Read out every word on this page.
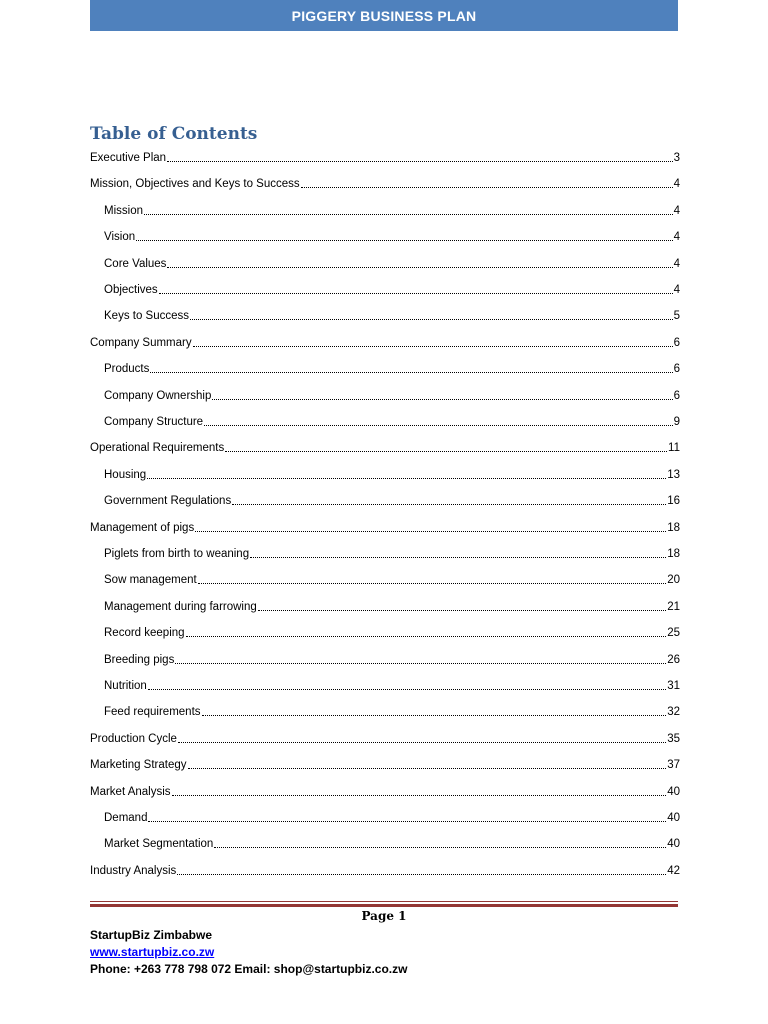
PIGGERY BUSINESS PLAN
Table of Contents
Executive Plan	3
Mission, Objectives and Keys to Success	4
Mission	4
Vision	4
Core Values	4
Objectives	4
Keys to Success	5
Company Summary	6
Products	6
Company Ownership	6
Company Structure	9
Operational Requirements	11
Housing	13
Government Regulations	16
Management of pigs	18
Piglets from birth to weaning	18
Sow management	20
Management during farrowing	21
Record keeping	25
Breeding pigs	26
Nutrition	31
Feed requirements	32
Production Cycle	35
Marketing Strategy	37
Market Analysis	40
Demand	40
Market Segmentation	40
Industry Analysis	42
Page 1
StartupBiz Zimbabwe
www.startupbiz.co.zw
Phone: +263 778 798 072 Email: shop@startupbiz.co.zw
